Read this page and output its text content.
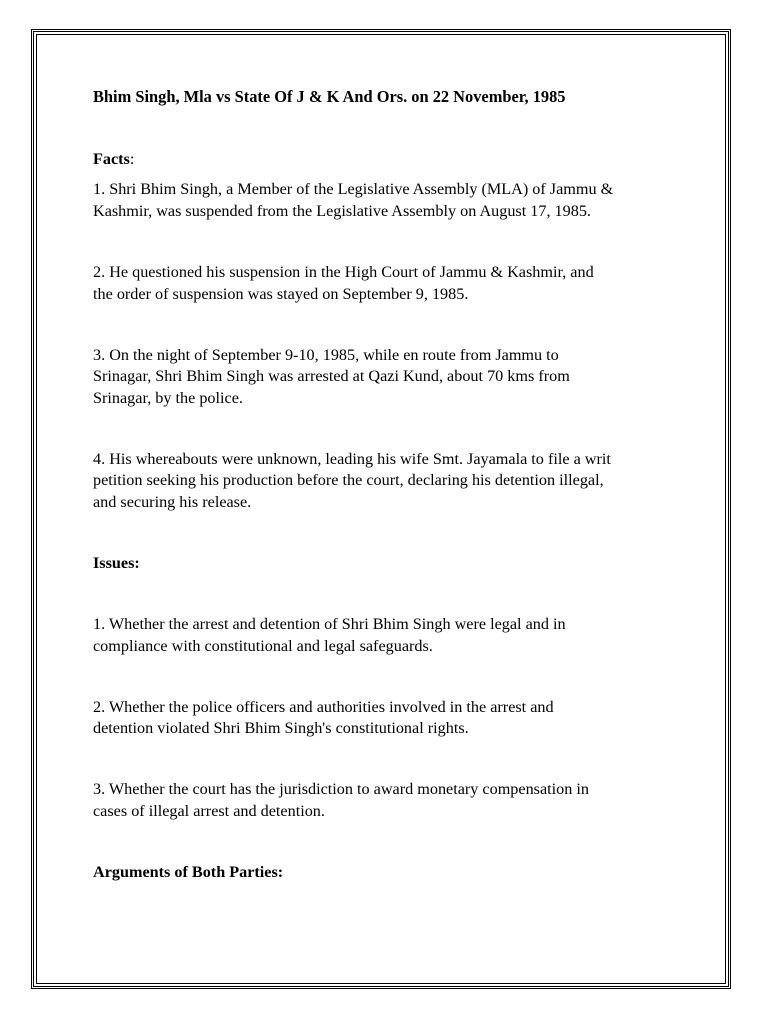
Bhim Singh, Mla vs State Of J & K And Ors. on 22 November, 1985
Facts:
1. Shri Bhim Singh, a Member of the Legislative Assembly (MLA) of Jammu &
Kashmir, was suspended from the Legislative Assembly on August 17, 1985.
2. He questioned his suspension in the High Court of Jammu & Kashmir, and
the order of suspension was stayed on September 9, 1985.
3. On the night of September 9-10, 1985, while en route from Jammu to
Srinagar, Shri Bhim Singh was arrested at Qazi Kund, about 70 kms from
Srinagar, by the police.
4. His whereabouts were unknown, leading his wife Smt. Jayamala to file a writ
petition seeking his production before the court, declaring his detention illegal,
and securing his release.
Issues:
1. Whether the arrest and detention of Shri Bhim Singh were legal and in
compliance with constitutional and legal safeguards.
2. Whether the police officers and authorities involved in the arrest and
detention violated Shri Bhim Singh's constitutional rights.
3. Whether the court has the jurisdiction to award monetary compensation in
cases of illegal arrest and detention.
Arguments of Both Parties:
